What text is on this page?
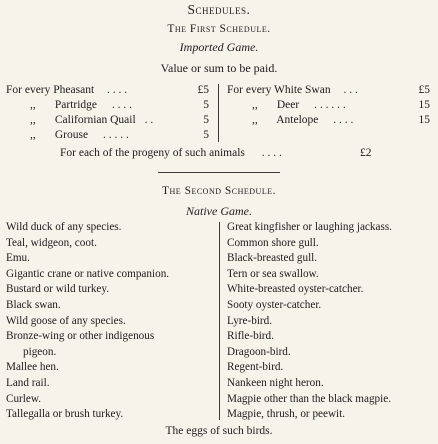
Schedules.
The First Schedule.
Imported Game.
Value or sum to be paid.
For every Pheasant . . . .	£5
,, Partridge . . . .	5
,, Californian Quail . .	5
,, Grouse . . . . .	5
For every White Swan . . .	£5
,, Deer . . . . . .	15
,, Antelope . . . .	15
For each of the progeny of such animals . . . .	£2
The Second Schedule.
Native Game.
Wild duck of any species.
Teal, widgeon, coot.
Emu.
Gigantic crane or native companion.
Bustard or wild turkey.
Black swan.
Wild goose of any species.
Bronze-wing or other indigenous
pigeon.
Mallee hen.
Land rail.
Curlew.
Tallegalla or brush turkey.
Great kingfisher or laughing jackass.
Common shore gull.
Black-breasted gull.
Tern or sea swallow.
White-breasted oyster-catcher.
Sooty oyster-catcher.
Lyre-bird.
Rifle-bird.
Dragoon-bird.
Regent-bird.
Nankeen night heron.
Magpie other than the black magpie.
Magpie, thrush, or peewit.
The eggs of such birds.
